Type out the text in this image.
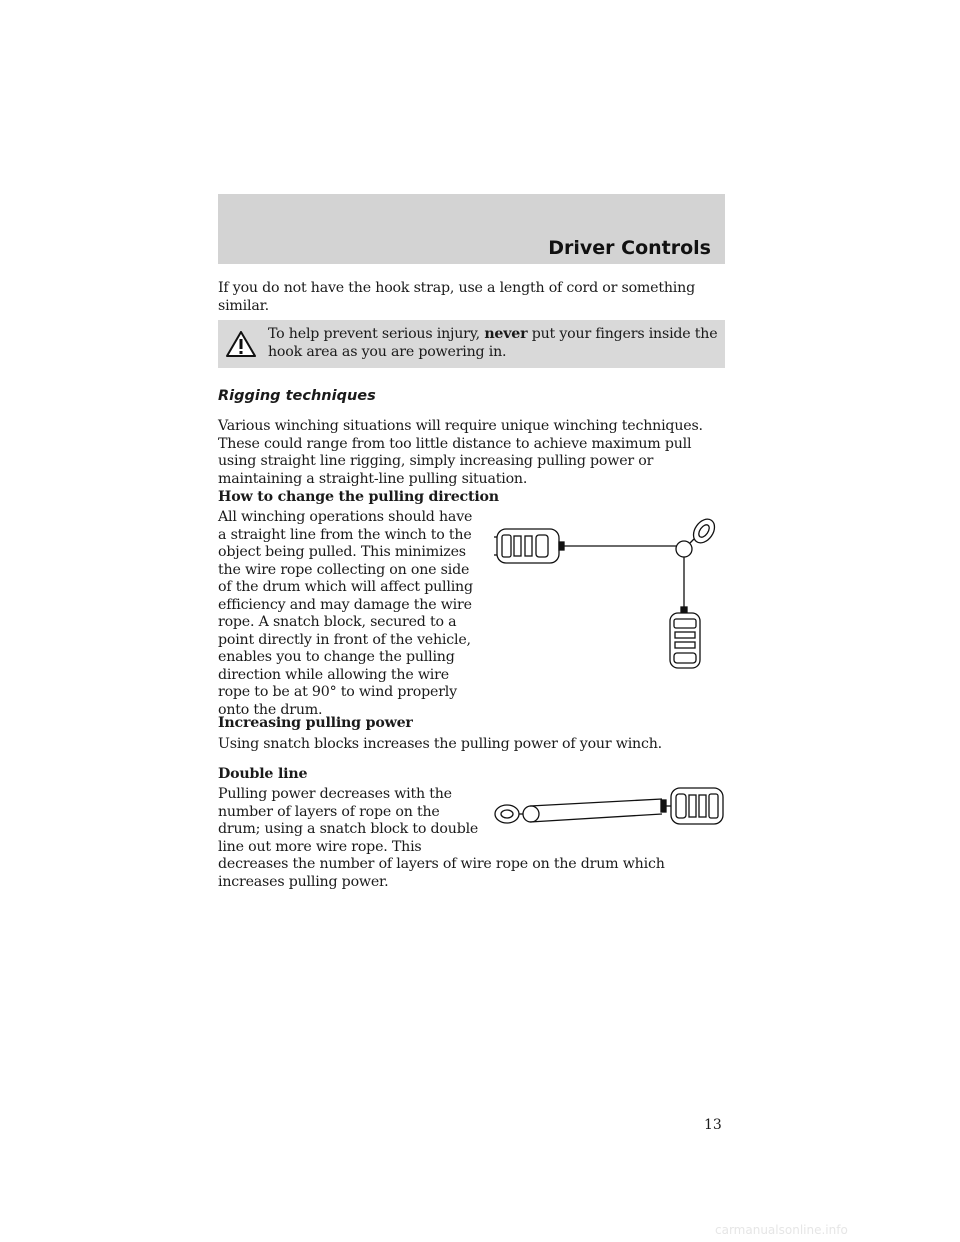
Driver Controls

If you do not have the hook strap, use a length of cord or something similar.

To help prevent serious injury, never put your fingers inside the hook area as you are powering in.

Rigging techniques

Various winching situations will require unique winching techniques. These could range from too little distance to achieve maximum pull using straight line rigging, simply increasing pulling power or maintaining a straight-line pulling situation.

How to change the pulling direction

All winching operations should have a straight line from the winch to the object being pulled. This minimizes the wire rope collecting on one side of the drum which will affect pulling efficiency and may damage the wire rope. A snatch block, secured to a point directly in front of the vehicle, enables you to change the pulling direction while allowing the wire rope to be at 90° to wind properly onto the drum.

Increasing pulling power

Using snatch blocks increases the pulling power of your winch.

Double line

Pulling power decreases with the number of layers of rope on the drum; using a snatch block to double line out more wire rope. This

decreases the number of layers of wire rope on the drum which increases pulling power.

13
carmanualsonline.info
